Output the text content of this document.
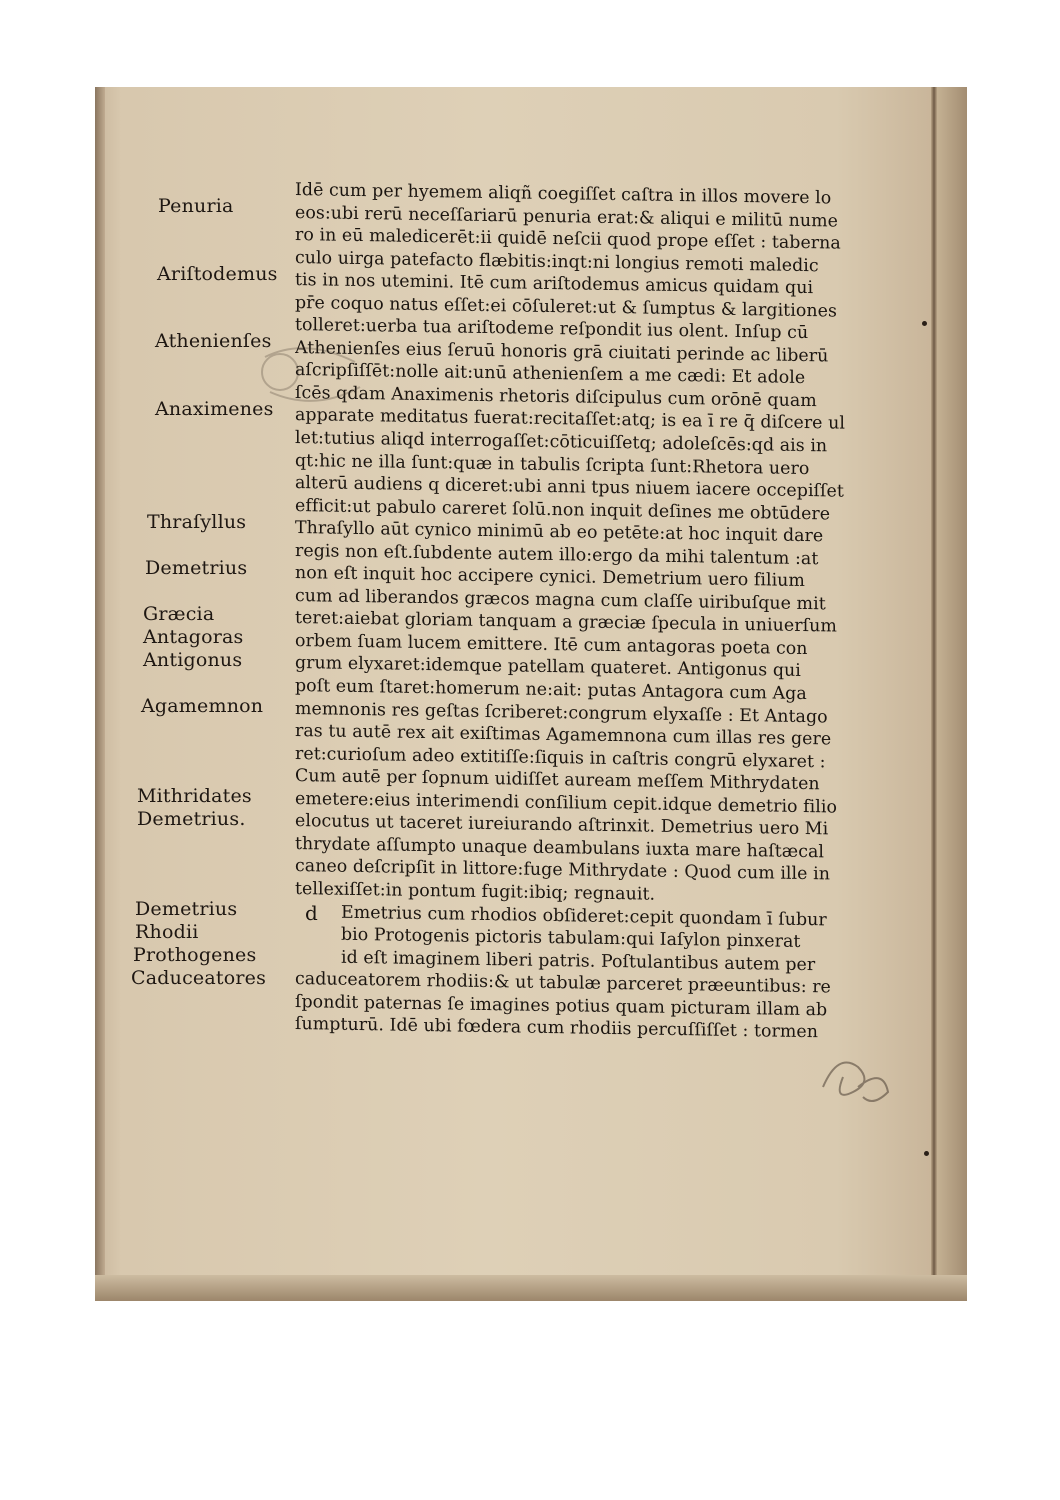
Penuria
Ariſtodemus
Athenienſes
Anaximenes
Thraſyllus
Demetrius
Græcia
Antagoras
Antigonus
Agamemnon
Mithridates
Demetrius.
Demetrius
Rhodii
Prothogenes
Caduceatores
Idē cum per hyemem aliqñ coegiſſet caſtra in illos movere lo
eos:ubi rerū neceſſariarū penuria erat:& aliqui e militū nume
ro in eū maledicerēt:ii quidē neſcii quod prope eſſet : taberna
culo uirga patefacto flæbitis:inqt:ni longius remoti maledic
tis in nos utemini. Itē cum ariſtodemus amicus quidam qui
pr̄e coquo natus eſſet:ei cōſuleret:ut & ſumptus & largitiones
tolleret:uerba tua ariſtodeme reſpondit ius olent. Inſup cū
Athenienſes eius ſeruū honoris grā ciuitati perinde ac liberū
aſcripſiſſēt:nolle ait:unū athenienſem a me cædi: Et adole
ſcēs qdam Anaximenis rhetoris diſcipulus cum orōnē quam
apparate meditatus fuerat:recitaſſet:atq; is ea ī re q̄ diſcere ul
let:tutius aliqd interrogaſſet:cōticuiſſetq; adoleſcēs:qd ais in
qt:hic ne illa ſunt:quæ in tabulis ſcripta ſunt:Rhetora uero
alterū audiens q diceret:ubi anni tpus niuem iacere occepiſſet
efficit:ut pabulo careret ſolū.non inquit deſines me obtūdere
Thraſyllo aūt cynico minimū ab eo petēte:at hoc inquit dare
regis non eſt.ſubdente autem illo:ergo da mihi talentum :at
non eſt inquit hoc accipere cynici. Demetrium uero filium
cum ad liberandos græcos magna cum claſſe uiribuſque mit
teret:aiebat gloriam tanquam a græciæ ſpecula in uniuerſum
orbem ſuam lucem emittere. Itē cum antagoras poeta con
grum elyxaret:idemque patellam quateret. Antigonus qui
poſt eum ſtaret:homerum ne:ait: putas Antagora cum Aga
memnonis res geſtas ſcriberet:congrum elyxaſſe : Et Antago
ras tu autē rex ait exiſtimas Agamemnona cum illas res gere
ret:curioſum adeo extitiſſe:ſiquis in caſtris congrū elyxaret :
Cum autē per ſopnum uidiſſet auream meſſem Mithrydaten
emetere:eius interimendi conſilium cepit.idque demetrio filio
elocutus ut taceret iureiurando aſtrinxit. Demetrius uero Mi
thrydate aſſumpto unaque deambulans iuxta mare haſtæcal
caneo deſcripſit in littore:fuge Mithrydate : Quod cum ille in
tellexiſſet:in pontum fugit:ibiq; regnauit.
Emetrius cum rhodios obſideret:cepit quondam ī ſubur
bio Protogenis pictoris tabulam:qui Iaſylon pinxerat
id eſt imaginem liberi patris. Poſtulantibus autem per
caduceatorem rhodiis:& ut tabulæ parceret præeuntibus: re
ſpondit paternas ſe imagines potius quam picturam illam ab
ſumpturū. Idē ubi fœdera cum rhodiis percuſſiſſet : tormen
d
